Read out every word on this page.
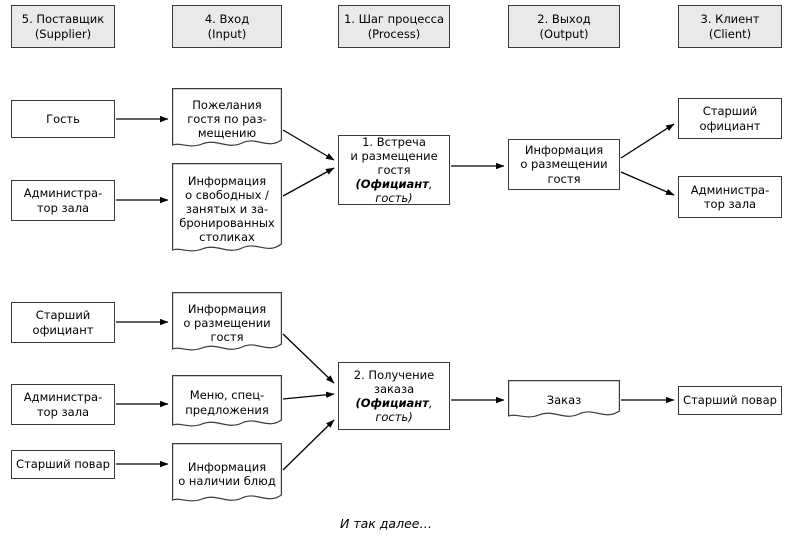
5. Поставщик
(Supplier)
4. Вход
(Input)
1. Шаг процесса
(Process)
2. Выход
(Output)
3. Клиент
(Client)
Гость
Администра-
тор зала
Пожелания
гостя по раз-
мещению
Информация
о свободных /
занятых и за-
бронированных
столиках
1. Встреча
и размещение
гостя
(Официант,
гость)
Информация
о размещении
гостя
Старший
официант
Администра-
тор зала
Старший
официант
Администра-
тор зала
Старший повар
Информация
о размещении
гостя
Меню, спец-
предложения
Информация
о наличии блюд
2. Получение
заказа
(Официант,
гость)
Заказ	Старший повар
И так далее…
